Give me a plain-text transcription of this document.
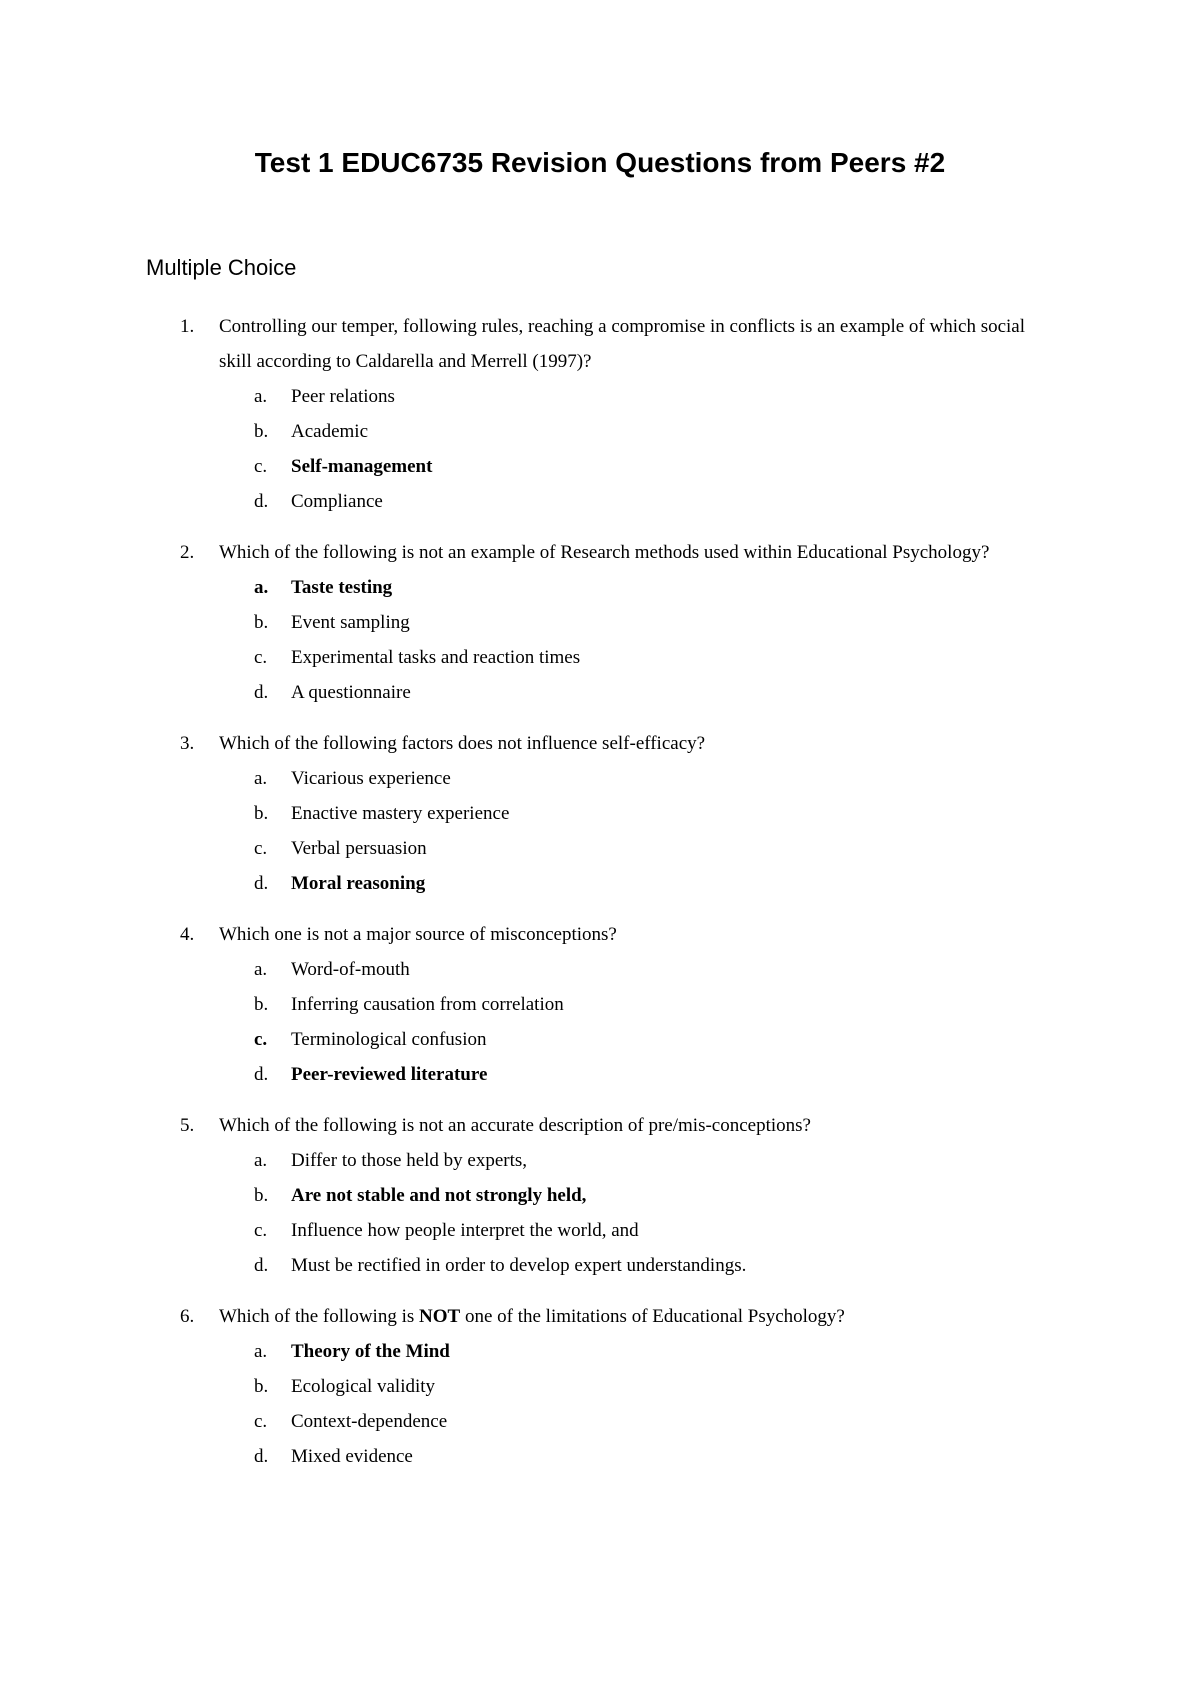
Test 1 EDUC6735 Revision Questions from Peers #2
Multiple Choice
1. Controlling our temper, following rules, reaching a compromise in conflicts is an example of which social skill according to Caldarella and Merrell (1997)?
a. Peer relations
b. Academic
c. Self-management
d. Compliance
2. Which of the following is not an example of Research methods used within Educational Psychology?
a. Taste testing
b. Event sampling
c. Experimental tasks and reaction times
d. A questionnaire
3. Which of the following factors does not influence self-efficacy?
a. Vicarious experience
b. Enactive mastery experience
c. Verbal persuasion
d. Moral reasoning
4. Which one is not a major source of misconceptions?
a. Word-of-mouth
b. Inferring causation from correlation
c. Terminological confusion
d. Peer-reviewed literature
5. Which of the following is not an accurate description of pre/mis-conceptions?
a. Differ to those held by experts,
b. Are not stable and not strongly held,
c. Influence how people interpret the world, and
d. Must be rectified in order to develop expert understandings.
6. Which of the following is NOT one of the limitations of Educational Psychology?
a. Theory of the Mind
b. Ecological validity
c. Context-dependence
d. Mixed evidence
